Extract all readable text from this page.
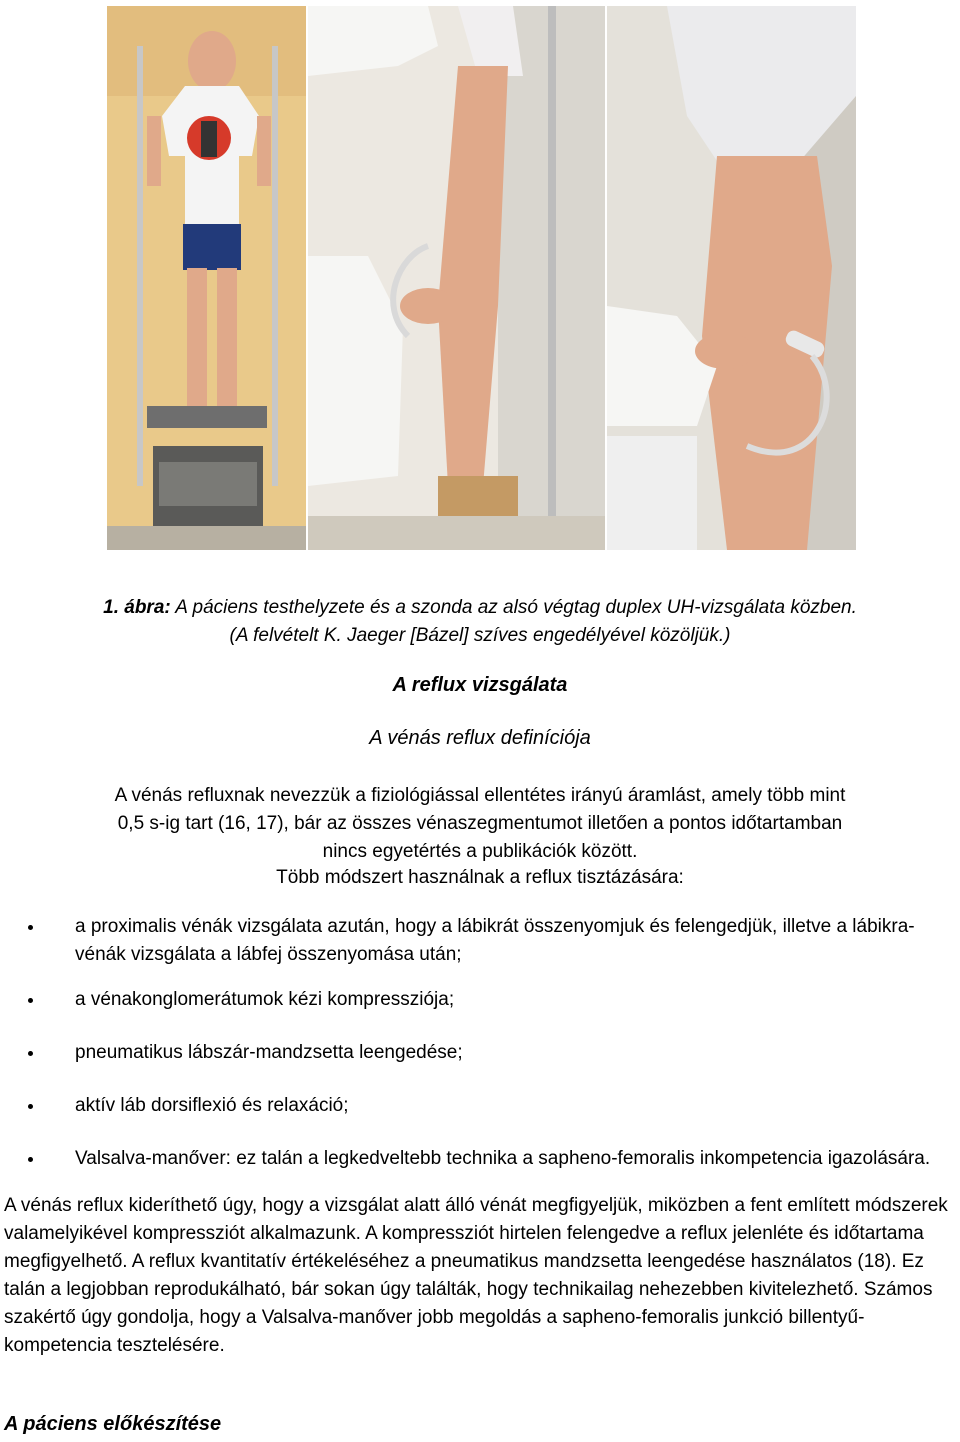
1. ábra: A páciens testhelyzete és a szonda az alsó végtag duplex UH-vizsgálata közben.
(A felvételt K. Jaeger [Bázel] szíves engedélyével közöljük.)
A reflux vizsgálata
A vénás reflux definíciója
A vénás refluxnak nevezzük a fiziológiással ellentétes irányú áramlást, amely több mint
0,5 s-ig tart (16, 17), bár az összes vénaszegmentumot illetően a pontos időtartamban
nincs egyetértés a publikációk között.
Több módszert használnak a reflux tisztázására:
a proximalis vénák vizsgálata azután, hogy a lábikrát összenyomjuk és felengedjük, illetve a lábikra-vénák vizsgálata a lábfej összenyomása után;
a vénakonglomerátumok kézi kompressziója;
pneumatikus lábszár-mandzsetta leengedése;
aktív láb dorsiflexió és relaxáció;
Valsalva-manőver: ez talán a legkedveltebb technika a sapheno-femoralis inkompetencia igazolására.
A vénás reflux kideríthető úgy, hogy a vizsgálat alatt álló vénát megfigyeljük, miközben a fent említett módszerek valamelyikével kompressziót alkalmazunk. A kompressziót hirtelen felengedve a reflux jelenléte és időtartama megfigyelhető. A reflux kvantitatív értékeléséhez a pneumatikus mandzsetta leengedése használatos (18). Ez talán a legjobban reprodukálható, bár sokan úgy találták, hogy technikailag nehezebben kivitelezhető. Számos szakértő úgy gondolja, hogy a Valsalva-manőver jobb megoldás a sapheno-femoralis junkció billentyű-kompetencia tesztelésére.
A páciens előkészítése
